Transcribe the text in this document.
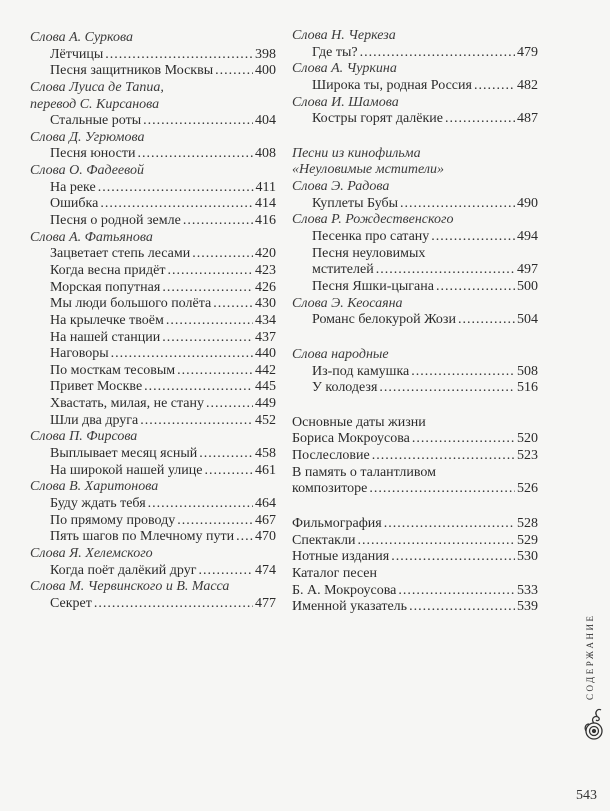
Слова А. Суркова
Лётчицы .....	398
Песня защитников Москвы .....	400
Слова Луиса де Тапиа,
перевод С. Кирсанова
Стальные роты .....	404
Слова Д. Угрюмова
Песня юности .....	408
Слова О. Фадеевой
На реке .....	411
Ошибка .....	414
Песня о родной земле .....	416
Слова А. Фатьянова
Зацветает степь лесами .....	420
Когда весна придёт .....	423
Морская попутная .....	426
Мы люди большого полёта .....	430
На крылечке твоём .....	434
На нашей станции .....	437
Наговоры .....	440
По мосткам тесовым .....	442
Привет Москве .....	445
Хвастать, милая, не стану .....	449
Шли два друга .....	452
Слова П. Фирсова
Выплывает месяц ясный .....	458
На широкой нашей улице .....	461
Слова В. Харитонова
Буду ждать тебя .....	464
По прямому проводу .....	467
Пять шагов по Млечному пути ..... 470
Слова Я. Хелемского
Когда поёт далёкий друг .....	474
Слова М. Червинского и В. Масса
Секрет .....	477
Слова Н. Черкеза
Где ты? .....	479
Слова А. Чуркина
Широка ты, родная Россия .....	482
Слова И. Шамова
Костры горят далёкие .....	487
Песни из кинофильма
«Неуловимые мстители»
Слова Э. Радова
Куплеты Бубы .....	490
Слова Р. Рождественского
Песенка про сатану .....	494
Песня неуловимых
мстителей .....	497
Песня Яшки-цыгана .....	500
Слова Э. Кеосаяна
Романс белокурой Жози .....	504
Слова народные
Из-под камушка .....	508
У колодезя .....	516
Основные даты жизни
Бориса Мокроусова .....	520
Послесловие .....	523
В память о талантливом
композиторе .....	526
Фильмография .....	528
Спектакли .....	529
Нотные издания .....	530
Каталог песен
Б. А. Мокроусова .....	533
Именной указатель .....	539
СОДЕРЖАНИЕ
543
